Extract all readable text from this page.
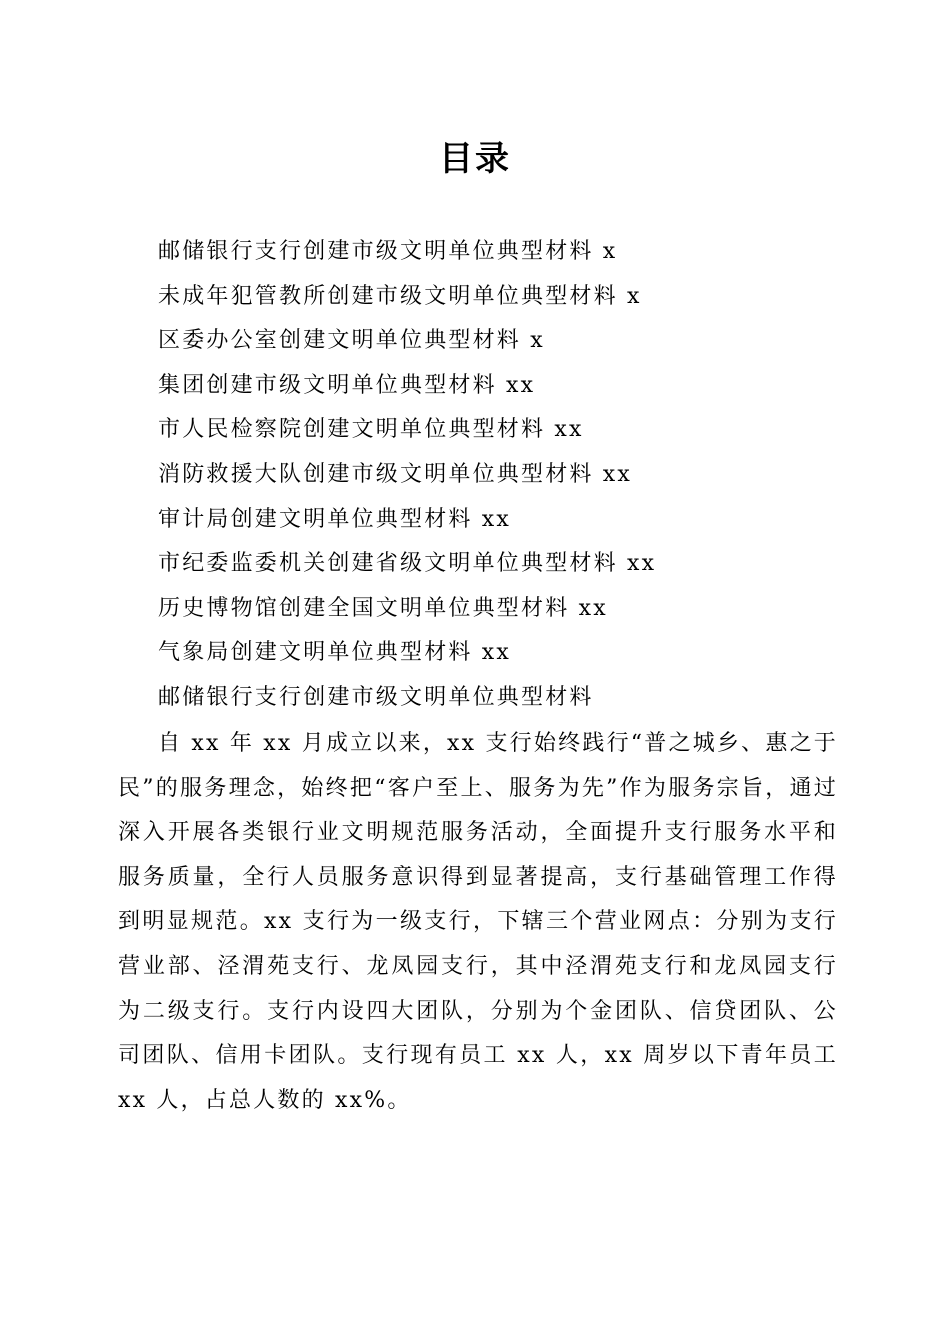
目录
邮储银行支行创建市级文明单位典型材料 x
未成年犯管教所创建市级文明单位典型材料 x
区委办公室创建文明单位典型材料 x
集团创建市级文明单位典型材料 xx
市人民检察院创建文明单位典型材料 xx
消防救援大队创建市级文明单位典型材料 xx
审计局创建文明单位典型材料 xx
市纪委监委机关创建省级文明单位典型材料 xx
历史博物馆创建全国文明单位典型材料 xx
气象局创建文明单位典型材料 xx
邮储银行支行创建市级文明单位典型材料

自 xx 年 xx 月成立以来，xx 支行始终践行“普之城乡、惠之于民”的服务理念，始终把“客户至上、服务为先”作为服务宗旨，通过深入开展各类银行业文明规范服务活动，全面提升支行服务水平和服务质量，全行人员服务意识得到显著提高，支行基础管理工作得到明显规范。xx 支行为一级支行，下辖三个营业网点：分别为支行营业部、泾渭苑支行、龙凤园支行，其中泾渭苑支行和龙凤园支行为二级支行。支行内设四大团队，分别为个金团队、信贷团队、公司团队、信用卡团队。支行现有员工 xx 人，xx 周岁以下青年员工 xx 人，占总人数的 xx%。
